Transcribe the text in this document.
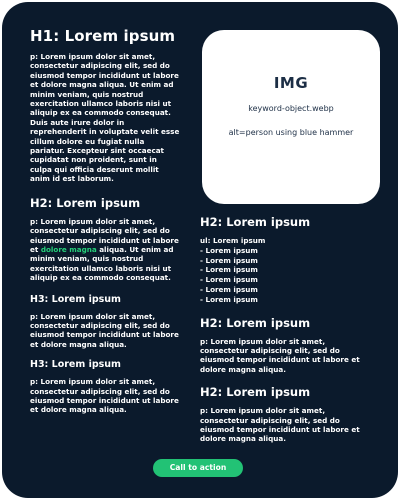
H1: Lorem ipsum

p: Lorem ipsum dolor sit amet, consectetur adipiscing elit, sed do eiusmod tempor incididunt ut labore et dolore magna aliqua. Ut enim ad minim veniam, quis nostrud exercitation ullamco laboris nisi ut aliquip ex ea commodo consequat. Duis aute irure dolor in reprehenderit in voluptate velit esse cillum dolore eu fugiat nulla pariatur. Excepteur sint occaecat cupidatat non proident, sunt in culpa qui officia deserunt mollit anim id est laborum.

H2: Lorem ipsum

p: Lorem ipsum dolor sit amet, consectetur adipiscing elit, sed do eiusmod tempor incididunt ut labore et dolore magna aliqua. Ut enim ad minim veniam, quis nostrud exercitation ullamco laboris nisi ut aliquip ex ea commodo consequat.

H3: Lorem ipsum

p: Lorem ipsum dolor sit amet, consectetur adipiscing elit, sed do eiusmod tempor incididunt ut labore et dolore magna aliqua.

H3: Lorem ipsum

p: Lorem ipsum dolor sit amet, consectetur adipiscing elit, sed do eiusmod tempor incididunt ut labore et dolore magna aliqua.

IMG
keyword-object.webp
alt=person using blue hammer
H2: Lorem ipsum

ul: Lorem ipsum

- Lorem ipsum
- Lorem ipsum
- Lorem ipsum
- Lorem ipsum
- Lorem ipsum
- Lorem ipsum
H2: Lorem ipsum

p: Lorem ipsum dolor sit amet, consectetur adipiscing elit, sed do eiusmod tempor incididunt ut labore et dolore magna aliqua.

H2: Lorem ipsum

p: Lorem ipsum dolor sit amet, consectetur adipiscing elit, sed do eiusmod tempor incididunt ut labore et dolore magna aliqua.

Call to action
